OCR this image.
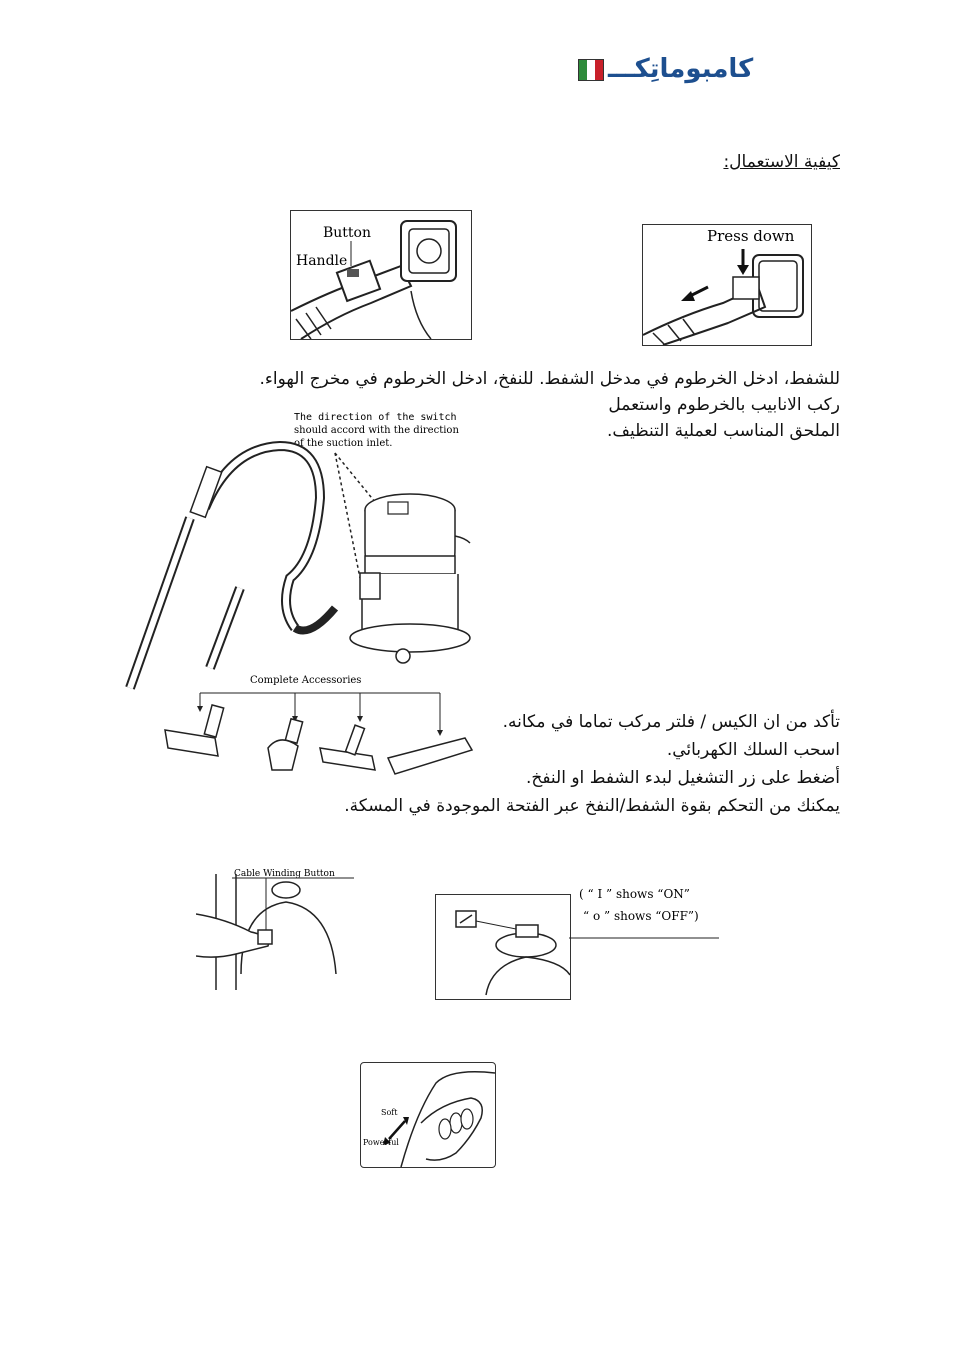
كامبوماتِكـــ
كيفية الاستعمال:
Button
Handle
Press down
للشفط، ادخل الخرطوم في مدخل الشفط. للنفخ، ادخل الخرطوم في مخرج الهواء.
ركب الانابيب بالخرطوم واستعمل
الملحق المناسب لعملية التنظيف.
The direction of the switch
should accord with the direction
of the suction inlet.
Complete Accessories
تأكد من ان الكيس / فلتر مركب تماما في مكانه.
اسحب السلك الكهربائي.
أضغط على زر التشغيل لبدء الشفط او النفخ.
يمكنك من التحكم بقوة الشفط/النفخ عبر الفتحة الموجودة في المسكة.
Cable Winding Button
( “ I ” shows “ON”
“ o ” shows “OFF”)
Soft
Powerful
